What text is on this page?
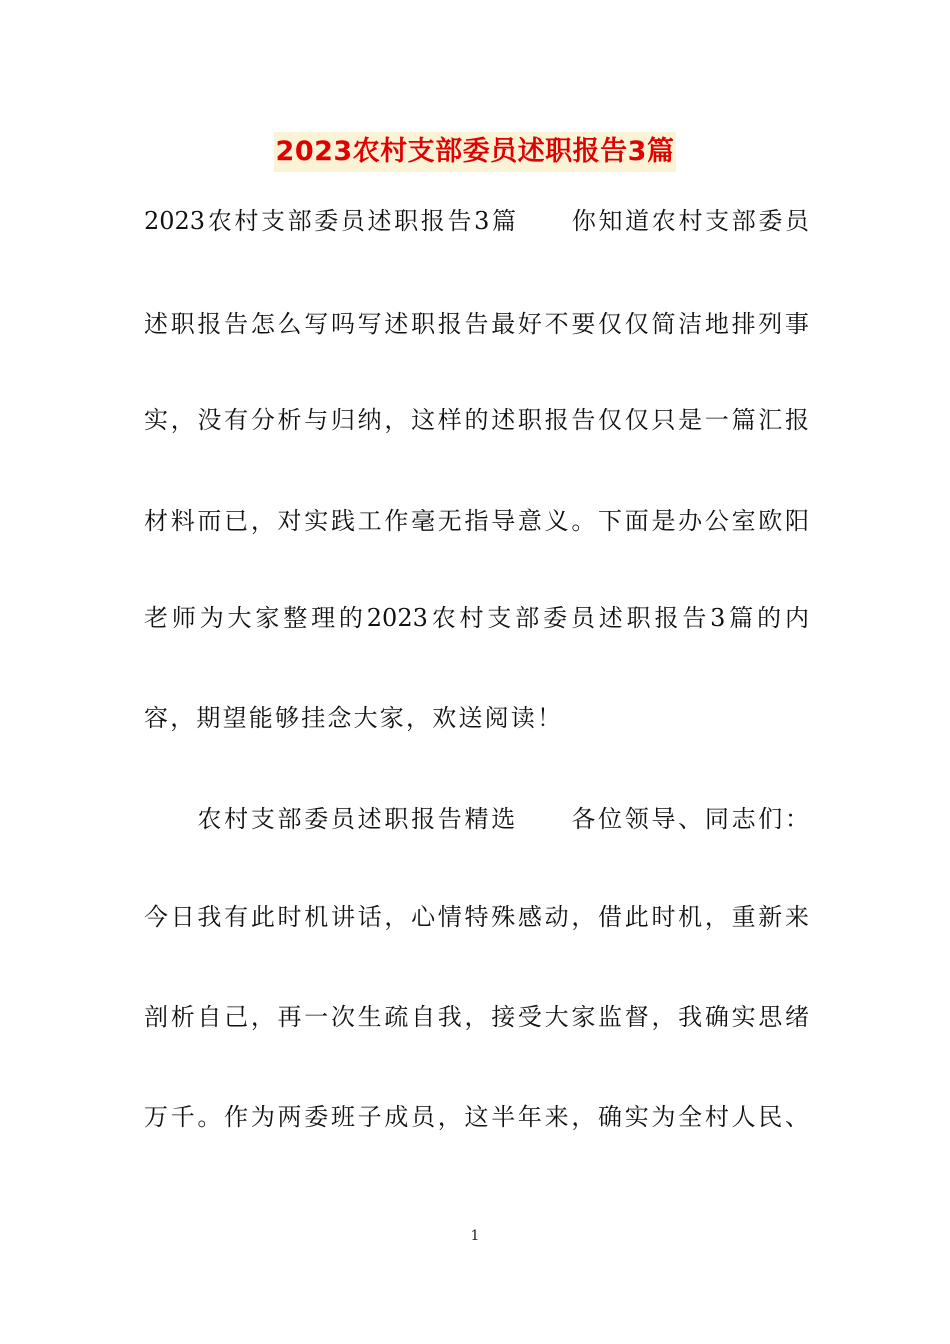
2023农村支部委员述职报告3篇
2023农村支部委员述职报告3篇　　你知道农村支部委员
述职报告怎么写吗写述职报告最好不要仅仅简洁地排列事
实，没有分析与归纳，这样的述职报告仅仅只是一篇汇报
材料而已，对实践工作毫无指导意义。下面是办公室欧阳
老师为大家整理的2023农村支部委员述职报告3篇的内
容，期望能够挂念大家，欢送阅读！
　　农村支部委员述职报告精选　　各位领导、同志们：
今日我有此时机讲话，心情特殊感动，借此时机，重新来
剖析自己，再一次生疏自我，接受大家监督，我确实思绪
万千。作为两委班子成员，这半年来，确实为全村人民、
1
